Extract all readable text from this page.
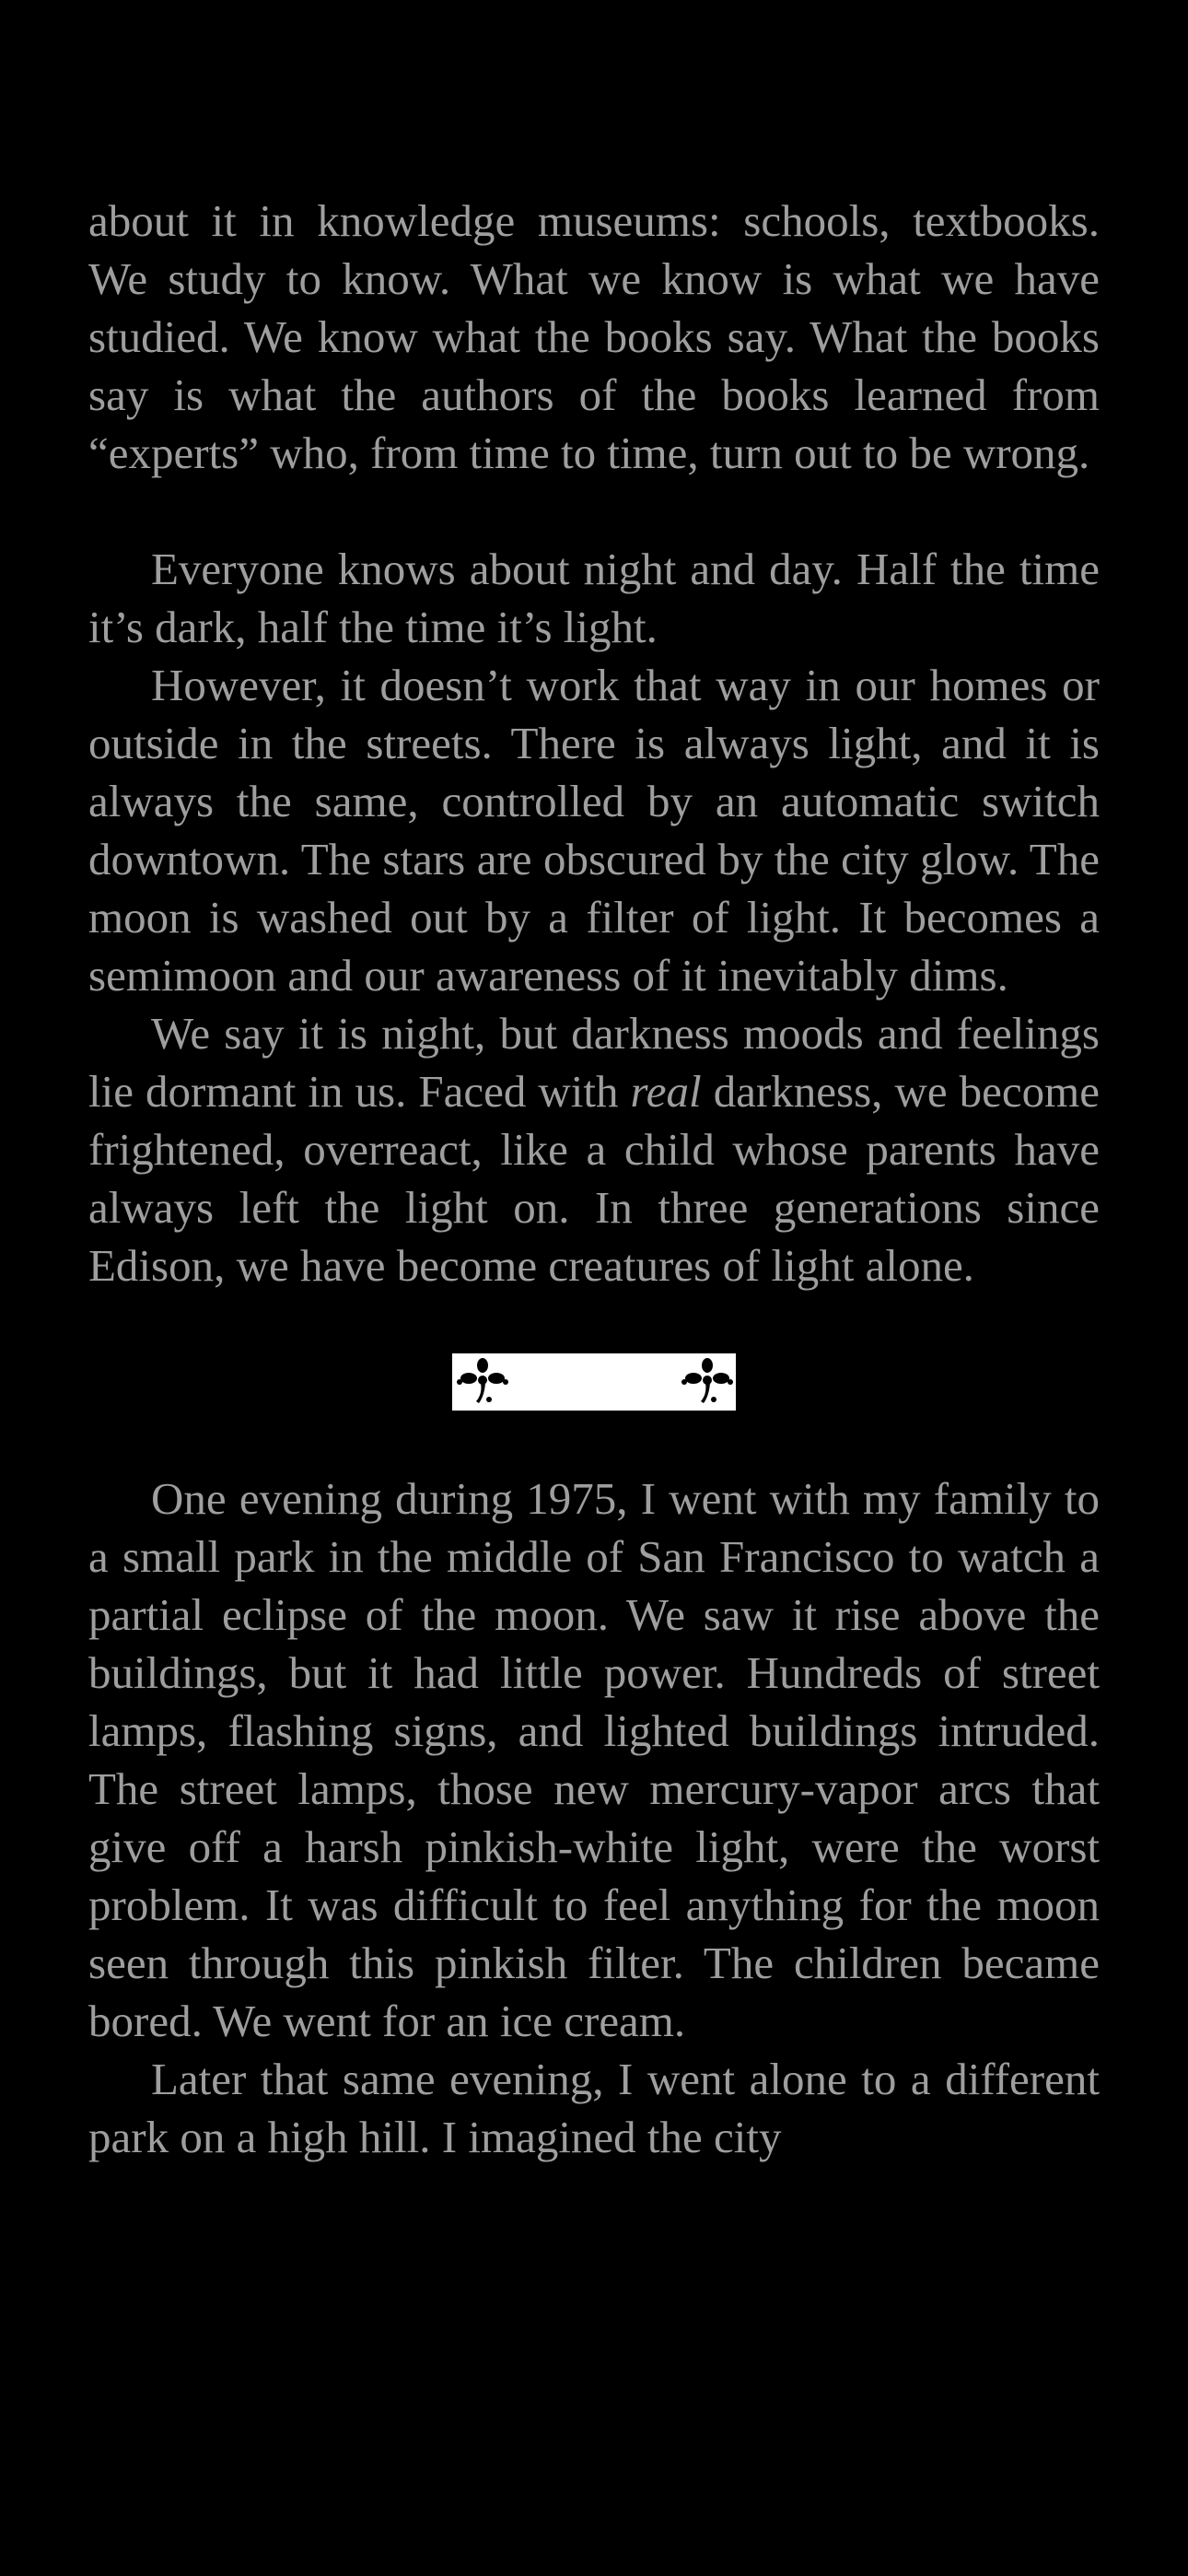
about it in knowledge museums: schools, textbooks. We study to know. What we know is what we have studied. We know what the books say. What the books say is what the authors of the books learned from “experts” who, from time to time, turn out to be wrong.

Everyone knows about night and day. Half the time it’s dark, half the time it’s light.

However, it doesn’t work that way in our homes or outside in the streets. There is always light, and it is always the same, controlled by an automatic switch downtown. The stars are obscured by the city glow. The moon is washed out by a filter of light. It becomes a semimoon and our awareness of it inevitably dims.

We say it is night, but darkness moods and feelings lie dormant in us. Faced with real darkness, we become frightened, overreact, like a child whose parents have always left the light on. In three generations since Edison, we have become creatures of light alone.

One evening during 1975, I went with my family to a small park in the middle of San Francisco to watch a partial eclipse of the moon. We saw it rise above the buildings, but it had little power. Hundreds of street lamps, flashing signs, and lighted buildings intruded. The street lamps, those new mercury-vapor arcs that give off a harsh pinkish-white light, were the worst problem. It was difficult to feel anything for the moon seen through this pinkish filter. The children became bored. We went for an ice cream.

Later that same evening, I went alone to a different park on a high hill. I imagined the city
